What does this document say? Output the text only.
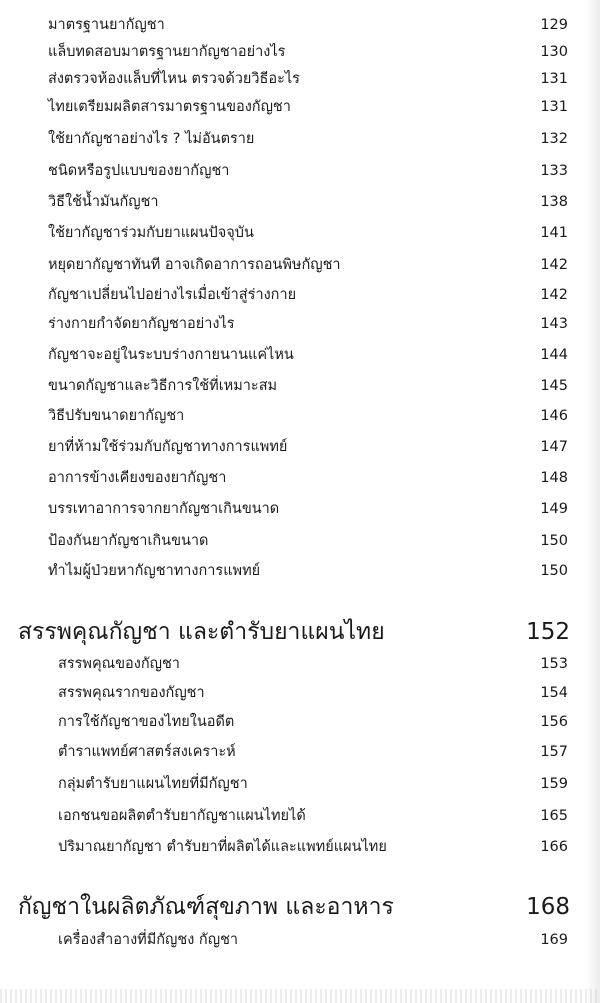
มาตรฐานยากัญชา	129
แล็บทดสอบมาตรฐานยากัญชาอย่างไร	130
ส่งตรวจห้องแล็บที่ไหน ตรวจด้วยวิธีอะไร	131
ไทยเตรียมผลิตสารมาตรฐานของกัญชา	131
ใช้ยากัญชาอย่างไร ? ไม่อันตราย	132
ชนิดหรือรูปแบบของยากัญชา	133
วิธีใช้น้ำมันกัญชา	138
ใช้ยากัญชาร่วมกับยาแผนปัจจุบัน	141
หยุดยากัญชาทันที อาจเกิดอาการถอนพิษกัญชา	142
กัญชาเปลี่ยนไปอย่างไรเมื่อเข้าสู่ร่างกาย	142
ร่างกายกำจัดยากัญชาอย่างไร	143
กัญชาจะอยู่ในระบบร่างกายนานแค่ไหน	144
ขนาดกัญชาและวิธีการใช้ที่เหมาะสม	145
วิธีปรับขนาดยากัญชา	146
ยาที่ห้ามใช้ร่วมกับกัญชาทางการแพทย์	147
อาการข้างเคียงของยากัญชา	148
บรรเทาอาการจากยากัญชาเกินขนาด	149
ป้องกันยากัญชาเกินขนาด	150
ทำไมผู้ป่วยหากัญชาทางการแพทย์	150
สรรพคุณกัญชา และตำรับยาแผนไทย	152
สรรพคุณของกัญชา	153
สรรพคุณรากของกัญชา	154
การใช้กัญชาของไทยในอดีต	156
ตำราแพทย์ศาสตร์สงเคราะห์	157
กลุ่มตำรับยาแผนไทยที่มีกัญชา	159
เอกชนขอผลิตตำรับยากัญชาแผนไทยได้	165
ปริมาณยากัญชา ตำรับยาที่ผลิตได้และแพทย์แผนไทย	166
กัญชาในผลิตภัณฑ์สุขภาพ และอาหาร	168
เครื่องสำอางที่มีกัญชง กัญชา	169
